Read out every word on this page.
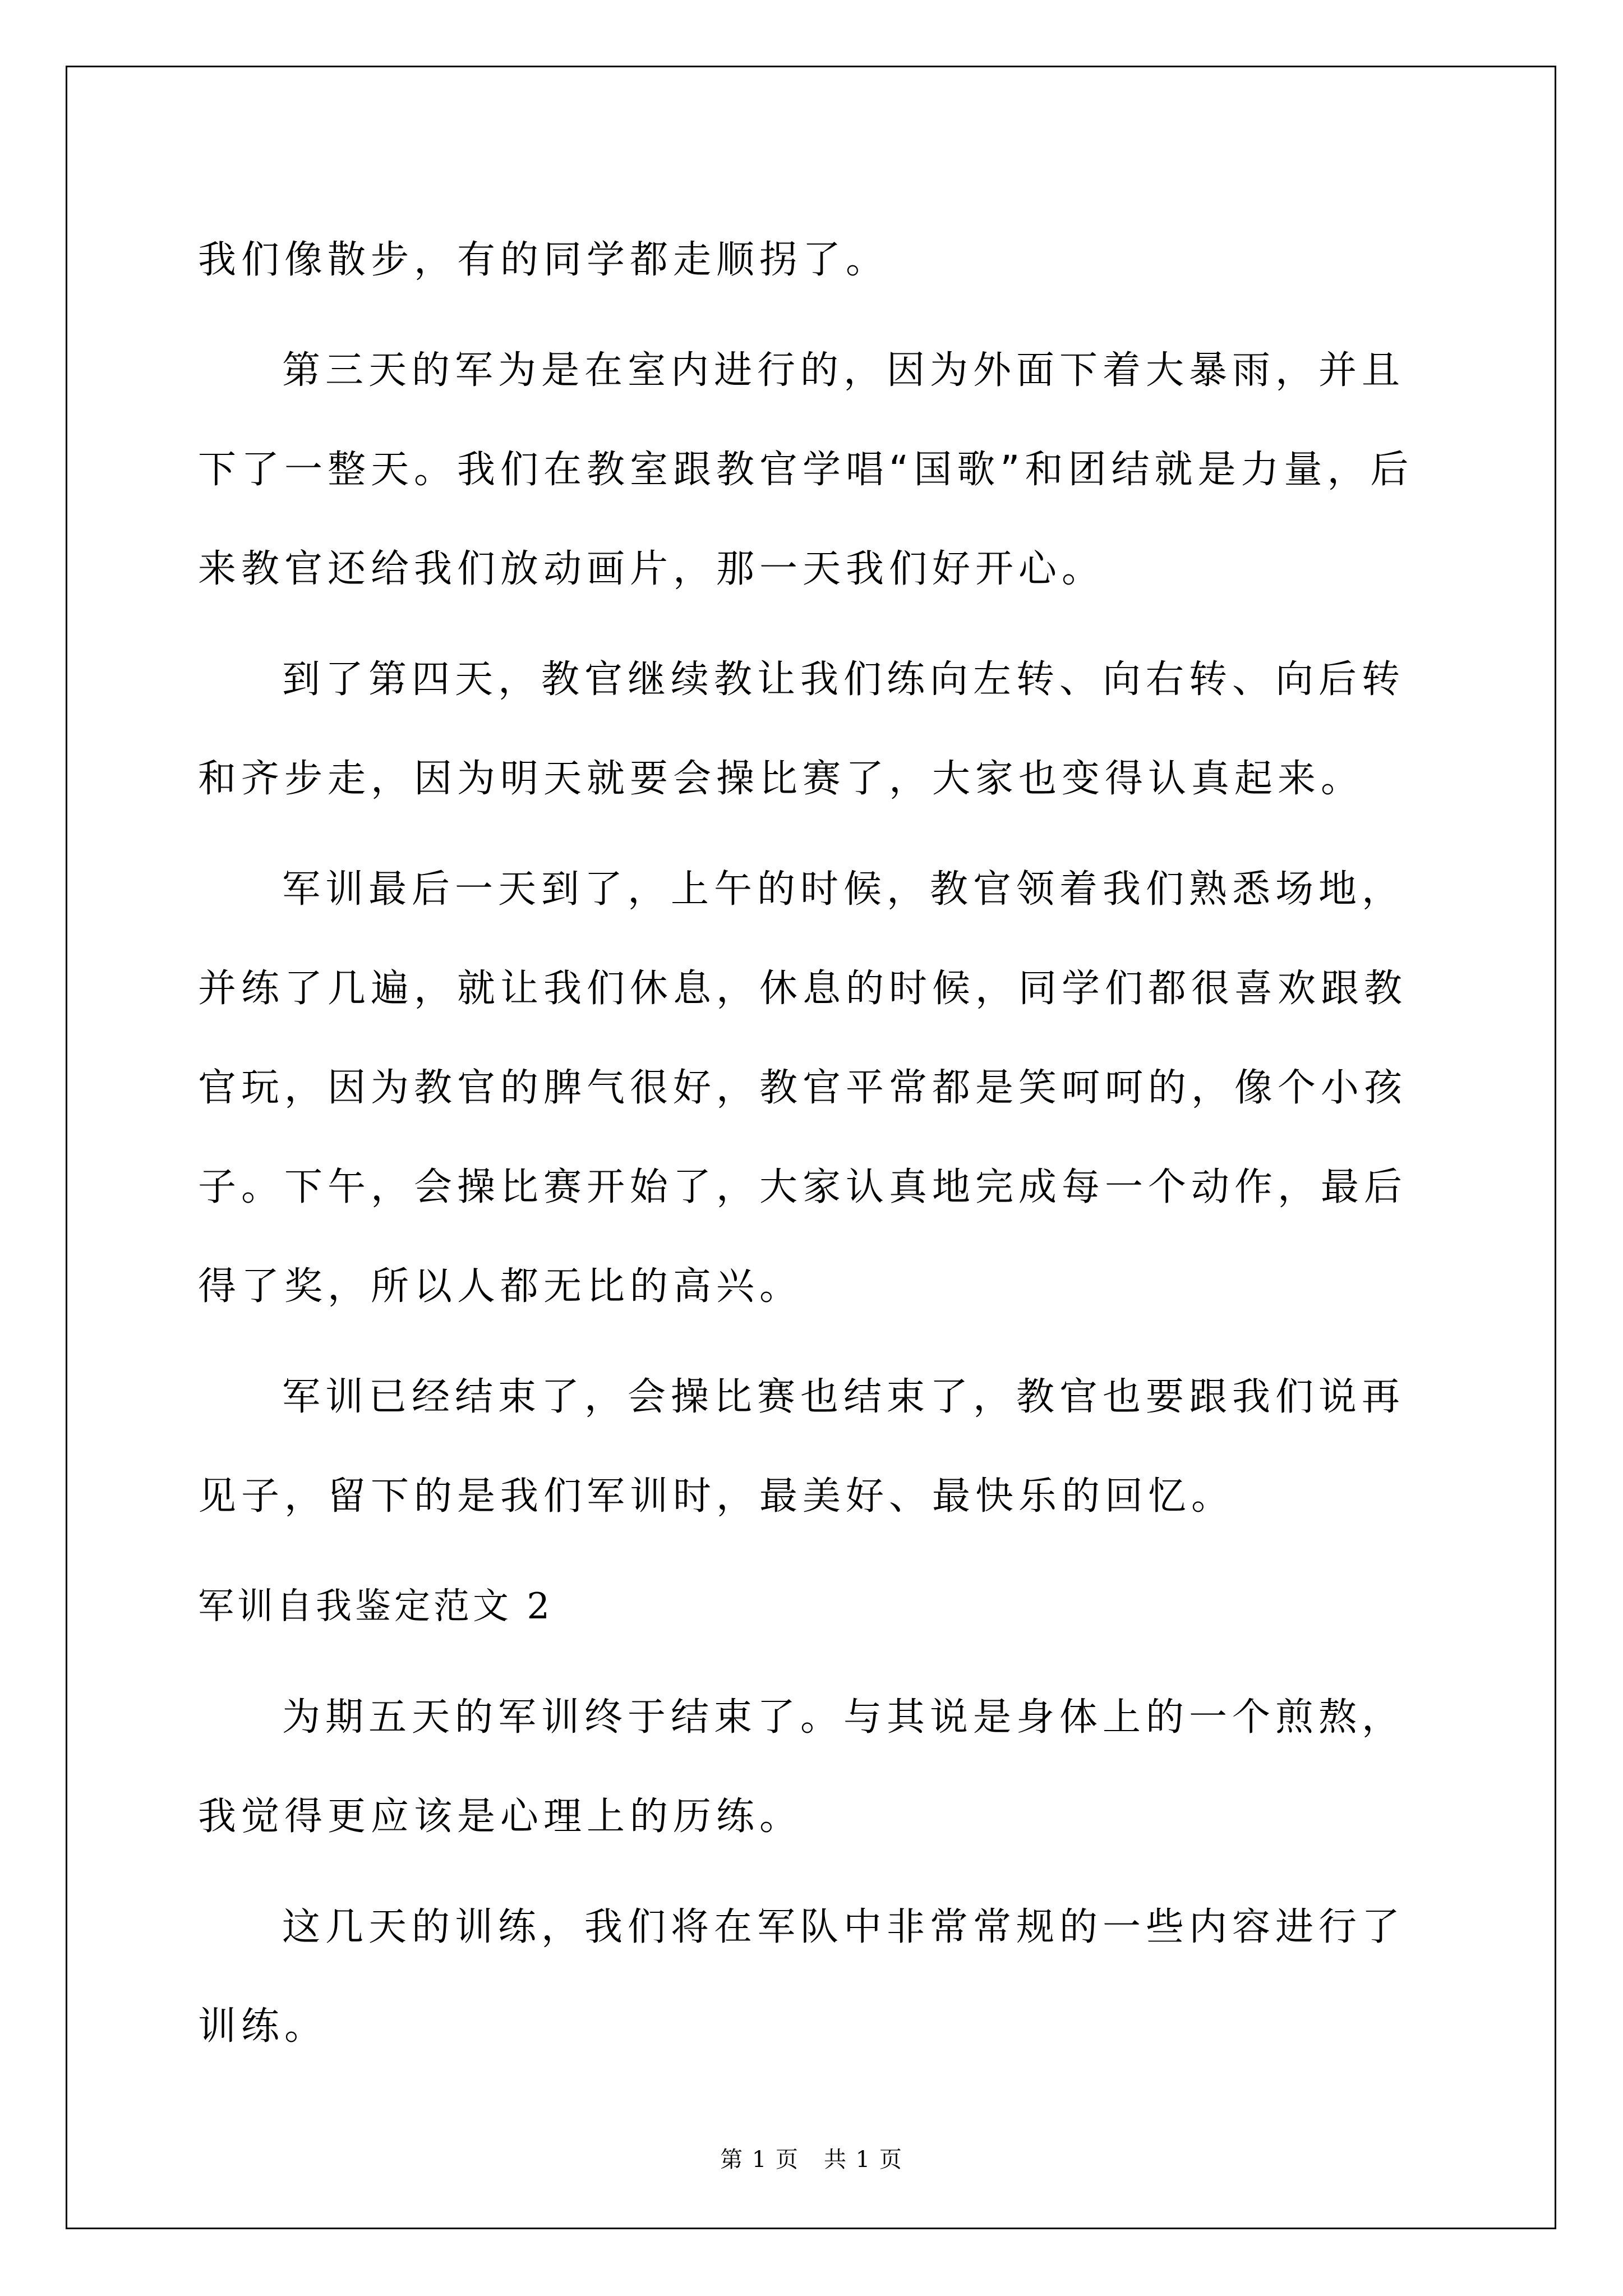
我们像散步，有的同学都走顺拐了。

第三天的军为是在室内进行的，因为外面下着大暴雨，并且下了一整天。我们在教室跟教官学唱“国歌”和团结就是力量，后来教官还给我们放动画片，那一天我们好开心。

到了第四天，教官继续教让我们练向左转、向右转、向后转和齐步走，因为明天就要会操比赛了，大家也变得认真起来。

军训最后一天到了，上午的时候，教官领着我们熟悉场地，并练了几遍，就让我们休息，休息的时候，同学们都很喜欢跟教官玩，因为教官的脾气很好，教官平常都是笑呵呵的，像个小孩子。下午，会操比赛开始了，大家认真地完成每一个动作，最后得了奖，所以人都无比的高兴。

军训已经结束了，会操比赛也结束了，教官也要跟我们说再见子，留下的是我们军训时，最美好、最快乐的回忆。

军训自我鉴定范文 2

为期五天的军训终于结束了。与其说是身体上的一个煎熬，我觉得更应该是心理上的历练。

这几天的训练，我们将在军队中非常常规的一些内容进行了训练。

第 1 页 共 1 页
